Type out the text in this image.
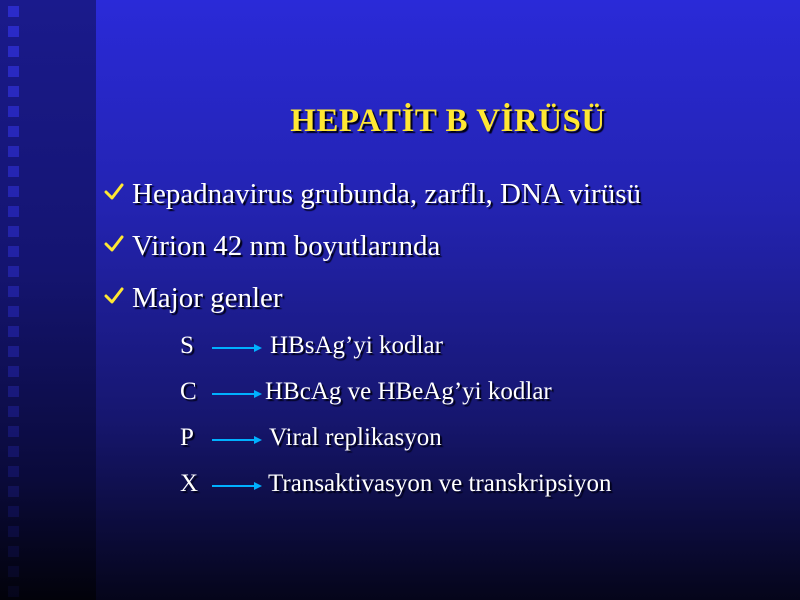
HEPATİT B VİRÜSÜ
Hepadnavirus grubunda, zarflı, DNA virüsü
Virion 42 nm boyutlarında
Major genler
S	HBsAg’yi kodlar
C	HBcAg ve HBeAg’yi kodlar
P	Viral replikasyon
X	Transaktivasyon ve transkripsiyon
